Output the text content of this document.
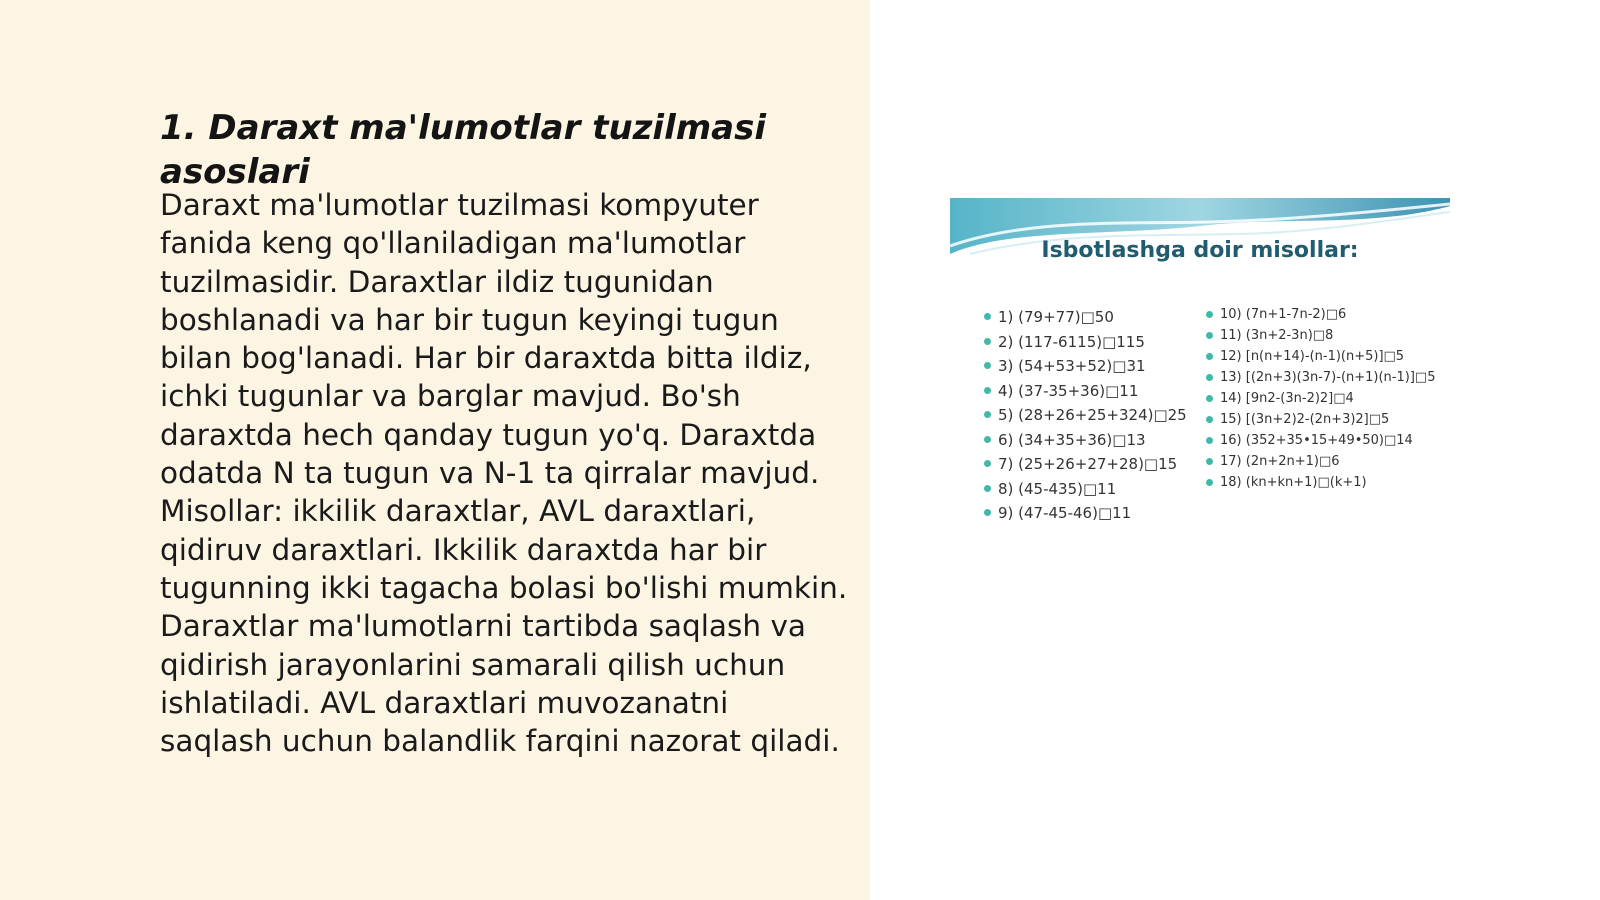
1. Daraxt ma'lumotlar tuzilmasi asoslari

Daraxt ma'lumotlar tuzilmasi kompyuter fanida keng qo'llaniladigan ma'lumotlar tuzilmasidir. Daraxtlar ildiz tugunidan boshlanadi va har bir tugun keyingi tugun bilan bog'lanadi. Har bir daraxtda bitta ildiz, ichki tugunlar va barglar mavjud. Bo'sh daraxtda hech qanday tugun yo'q. Daraxtda odatda N ta tugun va N-1 ta qirralar mavjud. Misollar: ikkilik daraxtlar, AVL daraxtlari, qidiruv daraxtlari. Ikkilik daraxtda har bir tugunning ikki tagacha bolasi bo'lishi mumkin. Daraxtlar ma'lumotlarni tartibda saqlash va qidirish jarayonlarini samarali qilish uchun ishlatiladi. AVL daraxtlari muvozanatni saqlash uchun balandlik farqini nazorat qiladi.

Isbotlashga doir misollar:
1) (79+77)□50
2) (117-6115)□115
3) (54+53+52)□31
4) (37-35+36)□11
5) (28+26+25+324)□25
6) (34+35+36)□13
7) (25+26+27+28)□15
8) (45-435)□11
9) (47-45-46)□11
10) (7n+1-7n-2)□6
11) (3n+2-3n)□8
12) [n(n+14)-(n-1)(n+5)]□5
13) [(2n+3)(3n-7)-(n+1)(n-1)]□5
14) [9n2-(3n-2)2]□4
15) [(3n+2)2-(2n+3)2]□5
16) (352+35•15+49•50)□14
17) (2n+2n+1)□6
18) (kn+kn+1)□(k+1)
